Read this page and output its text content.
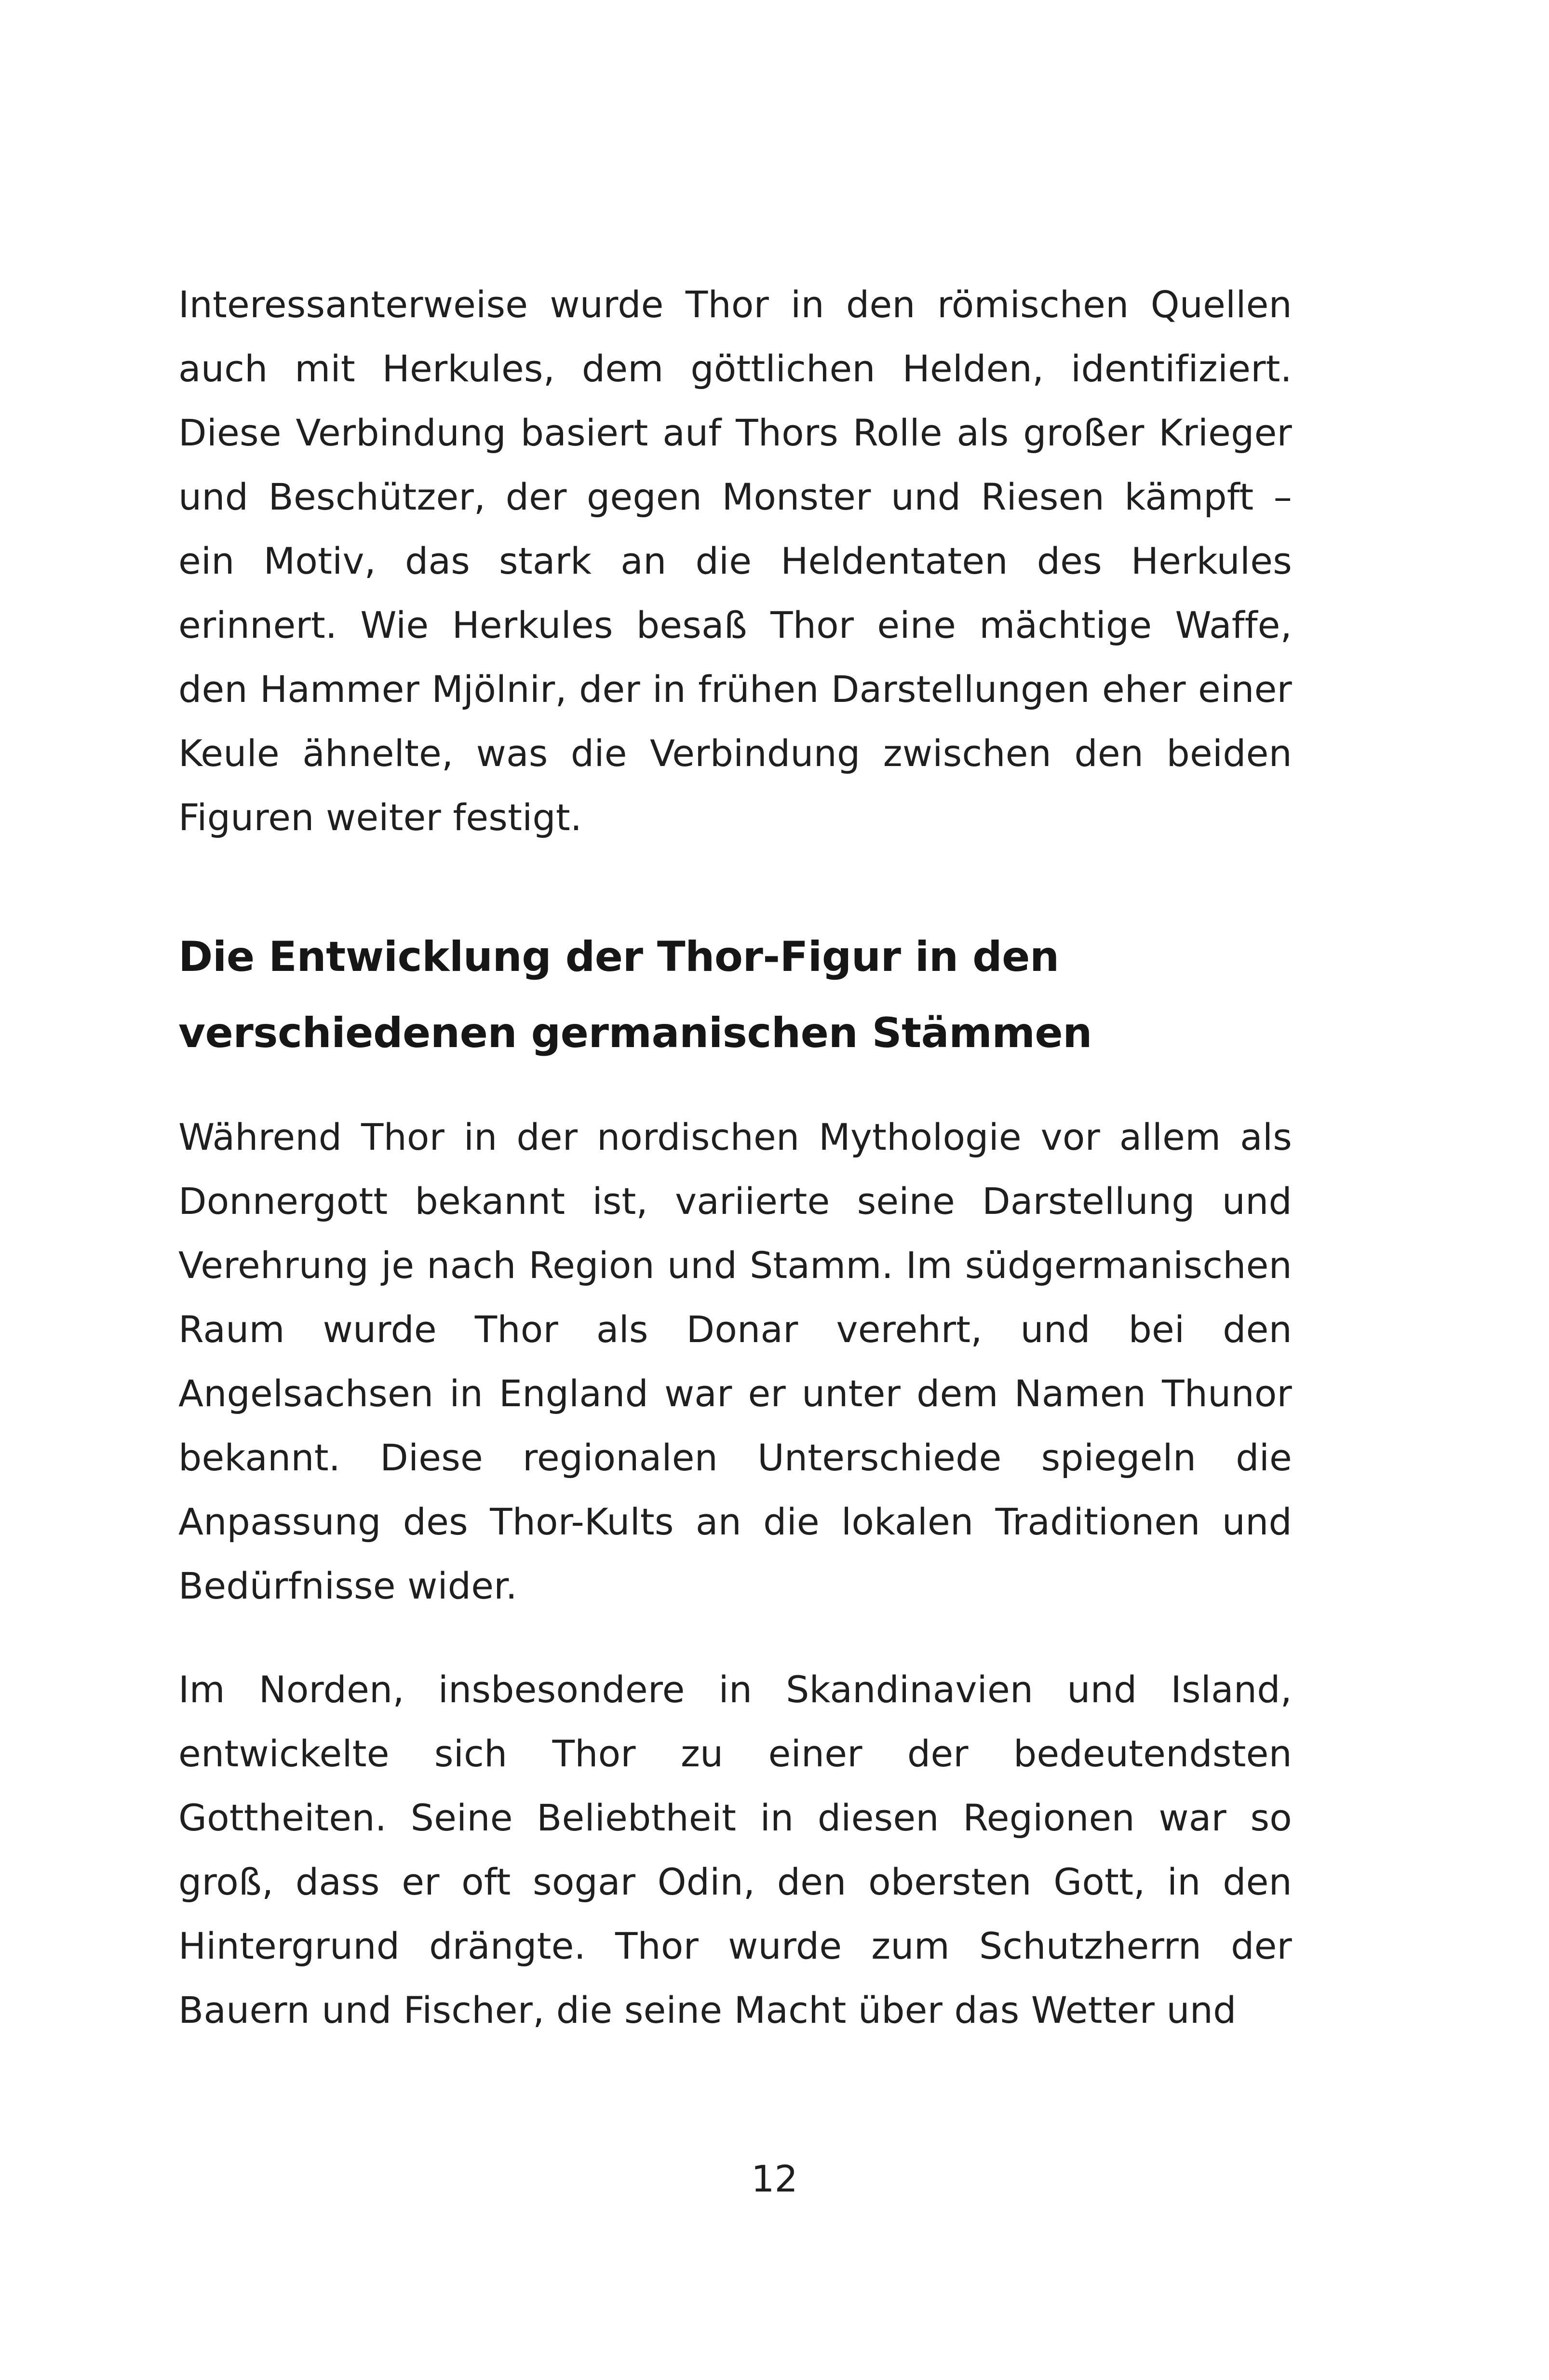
Interessanterweise wurde Thor in den römischen Quellen auch mit Herkules, dem göttlichen Helden, identifiziert. Diese Verbindung basiert auf Thors Rolle als großer Krieger und Beschützer, der gegen Monster und Riesen kämpft – ein Motiv, das stark an die Heldentaten des Herkules erinnert. Wie Herkules besaß Thor eine mächtige Waffe, den Hammer Mjölnir, der in frühen Darstellungen eher einer Keule ähnelte, was die Verbindung zwischen den beiden Figuren weiter festigt.

Die Entwicklung der Thor-Figur in den verschiedenen germanischen Stämmen

Während Thor in der nordischen Mythologie vor allem als Donnergott bekannt ist, variierte seine Darstellung und Verehrung je nach Region und Stamm. Im südgermanischen Raum wurde Thor als Donar verehrt, und bei den Angelsachsen in England war er unter dem Namen Thunor bekannt. Diese regionalen Unterschiede spiegeln die Anpassung des Thor-Kults an die lokalen Traditionen und Bedürfnisse wider.

Im Norden, insbesondere in Skandinavien und Island, entwickelte sich Thor zu einer der bedeutendsten Gottheiten. Seine Beliebtheit in diesen Regionen war so groß, dass er oft sogar Odin, den obersten Gott, in den Hintergrund drängte. Thor wurde zum Schutzherrn der Bauern und Fischer, die seine Macht über das Wetter und

12
